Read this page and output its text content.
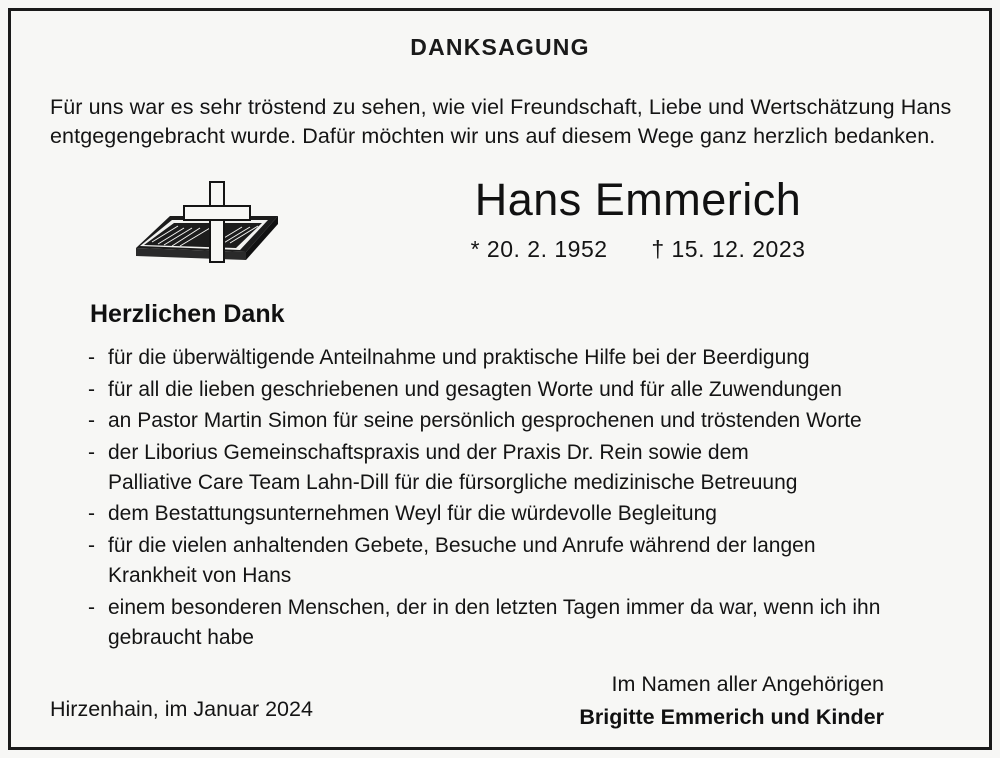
DANKSAGUNG
Für uns war es sehr tröstend zu sehen, wie viel Freundschaft, Liebe und Wertschätzung Hans
entgegengebracht wurde. Dafür möchten wir uns auf diesem Wege ganz herzlich bedanken.
Hans Emmerich
* 20. 2. 1952 † 15. 12. 2023
Herzlichen Dank
- für die überwältigende Anteilnahme und praktische Hilfe bei der Beerdigung
- für all die lieben geschriebenen und gesagten Worte und für alle Zuwendungen
- an Pastor Martin Simon für seine persönlich gesprochenen und tröstenden Worte
- der Liborius Gemeinschaftspraxis und der Praxis Dr. Rein sowie dem
Palliative Care Team Lahn-Dill für die fürsorgliche medizinische Betreuung
- dem Bestattungsunternehmen Weyl für die würdevolle Begleitung
- für die vielen anhaltenden Gebete, Besuche und Anrufe während der langen
Krankheit von Hans
- einem besonderen Menschen, der in den letzten Tagen immer da war, wenn ich ihn
gebraucht habe
Im Namen aller Angehörigen
Brigitte Emmerich und Kinder
Hirzenhain, im Januar 2024
